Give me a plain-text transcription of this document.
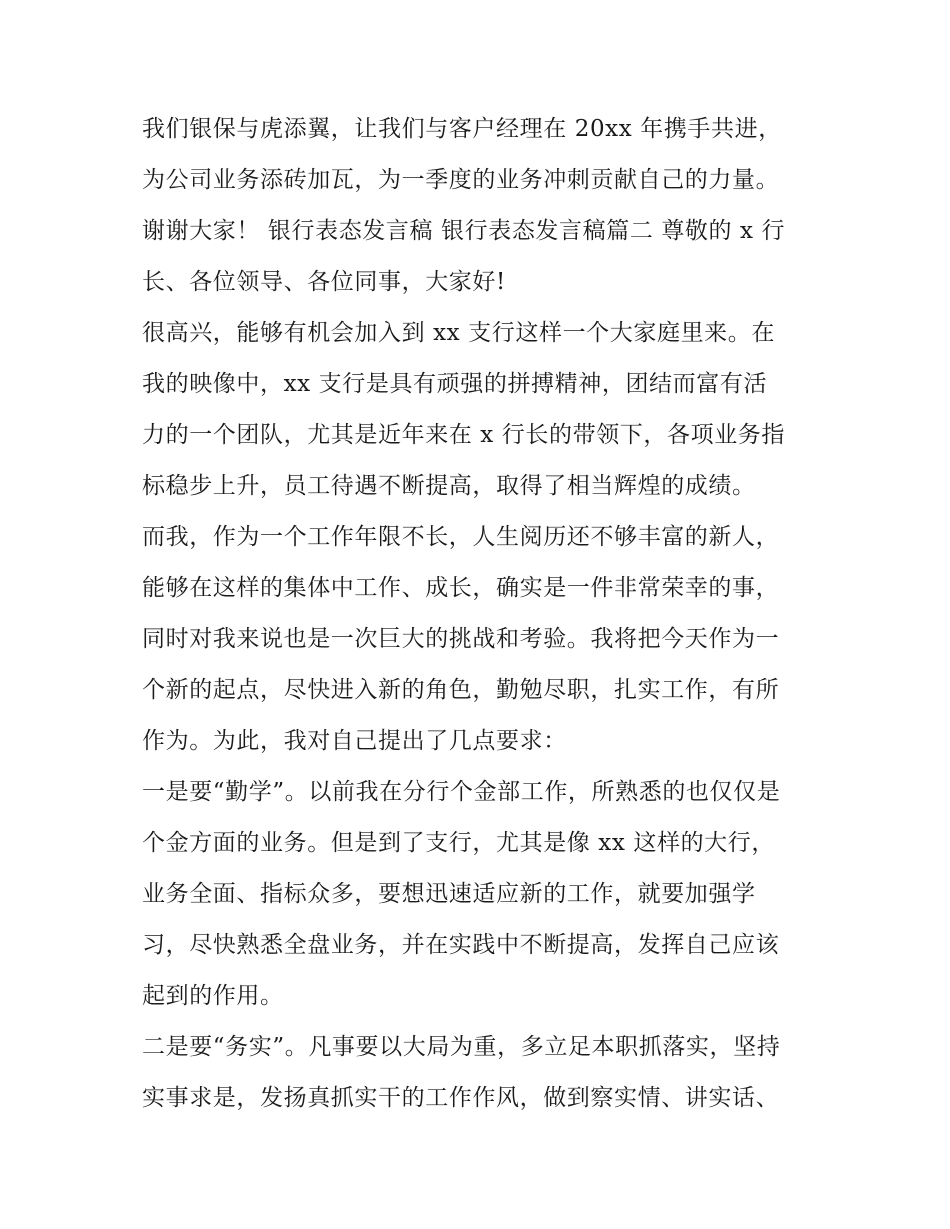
我们银保与虎添翼，让我们与客户经理在 20xx 年携手共进，
为公司业务添砖加瓦，为一季度的业务冲刺贡献自己的力量。
谢谢大家！ 银行表态发言稿 银行表态发言稿篇二 尊敬的 x 行
长、各位领导、各位同事，大家好!
很高兴，能够有机会加入到 xx 支行这样一个大家庭里来。在
我的映像中，xx 支行是具有顽强的拼搏精神，团结而富有活
力的一个团队，尤其是近年来在 x 行长的带领下，各项业务指
标稳步上升，员工待遇不断提高，取得了相当辉煌的成绩。
而我，作为一个工作年限不长，人生阅历还不够丰富的新人，
能够在这样的集体中工作、成长，确实是一件非常荣幸的事，
同时对我来说也是一次巨大的挑战和考验。我将把今天作为一
个新的起点，尽快进入新的角色，勤勉尽职，扎实工作，有所
作为。为此，我对自己提出了几点要求：
一是要“勤学”。以前我在分行个金部工作，所熟悉的也仅仅是
个金方面的业务。但是到了支行，尤其是像 xx 这样的大行，
业务全面、指标众多，要想迅速适应新的工作，就要加强学
习，尽快熟悉全盘业务，并在实践中不断提高，发挥自己应该
起到的作用。
二是要“务实”。凡事要以大局为重，多立足本职抓落实，坚持
实事求是，发扬真抓实干的工作作风，做到察实情、讲实话、
